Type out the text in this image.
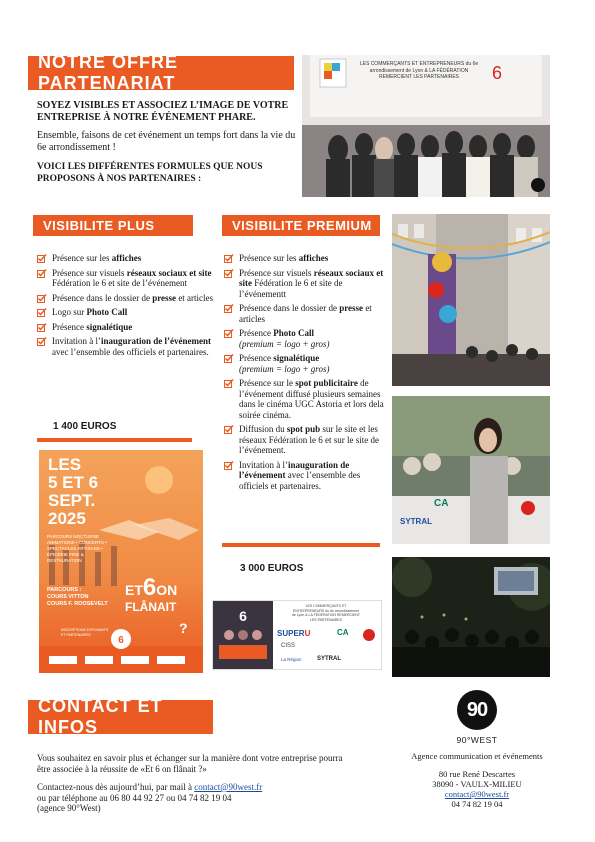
NOTRE OFFRE PARTENARIAT

SOYEZ VISIBLES ET ASSOCIEZ L’IMAGE DE VOTRE ENTREPRISE À NOTRE ÉVÉNEMENT PHARE.

Ensemble, faisons de cet événement un temps fort dans la vie du 6e arrondissement !

VOICI LES DIFFÉRENTES FORMULES QUE NOUS PROPOSONS À NOS PARTENAIRES :

6
LES COMMERÇANTS ET ENTREPRENEURS du 6e arrondissement de Lyon & LA FÉDÉRATION REMERCIENT LES PARTENAIRES
VISIBILITE PLUS
Présence sur les affiches
Présence sur visuels réseaux sociaux et site Fédération le 6 et site de l’événement
Présence dans le dossier de presse et articles
Logo sur Photo Call
Présence signalétique
Invitation à l’inauguration de l’événement avec l’ensemble des officiels et partenaires.
1 400 EUROS
6
LES
5 ET 6
SEPT.
2025
PARCOURS NOCTURNE ANIMATIONS • CONCERTS • SPECTACLES ARTISANS • ÉPICERIE FINE & RESTAURATION
ET6ON
FLÂNAIT
?
PARCOURS :
COURS VITTON
COURS F. ROOSEVELT
INSCRIPTIONS EXPOSANTS ET PARTENAIRES
VISIBILITE PREMIUM
Présence sur les affiches
Présence sur visuels réseaux sociaux et site Fédération le 6 et site de l’événementt
Présence dans le dossier de presse et articles
Présence Photo Call
(premium = logo + gros)
Présence signalétique
(premium = logo + gros)
Présence sur le spot publicitaire de l’événement diffusé plusieurs semaines dans le cinéma UGC Astoria et lors dela soirée cinéma.
Diffusion du spot pub sur le site et les réseaux Fédération le 6 et sur le site de l’événement.
Invitation à l’inauguration de l’événement avec l’ensemble des officiels et partenaires.
3 000 EUROS
6
LES COMMERÇANTS ET ENTREPRENEURS du 6e arrondissement de Lyon & LA FÉDÉRATION REMERCIENT LES PARTENAIRES
SUPERU	CA
CISS
SYTRAL
La Région
SYTRAL
CA
CONTACT ET INFOS

Vous souhaitez en savoir plus et échanger sur la manière dont votre entreprise pourra être associée à la réussite de «Et 6 on flânait ?»

Contactez-nous dès aujourd’hui, par mail à contact@90west.fr
ou par téléphone au 06 80 44 92 27 ou 04 74 82 19 04
(agence 90°West)

90
90°WEST
Agence communication et événements
80 rue René Descartes
38090 - VAULX-MILIEU
contact@90west.fr
04 74 82 19 04
